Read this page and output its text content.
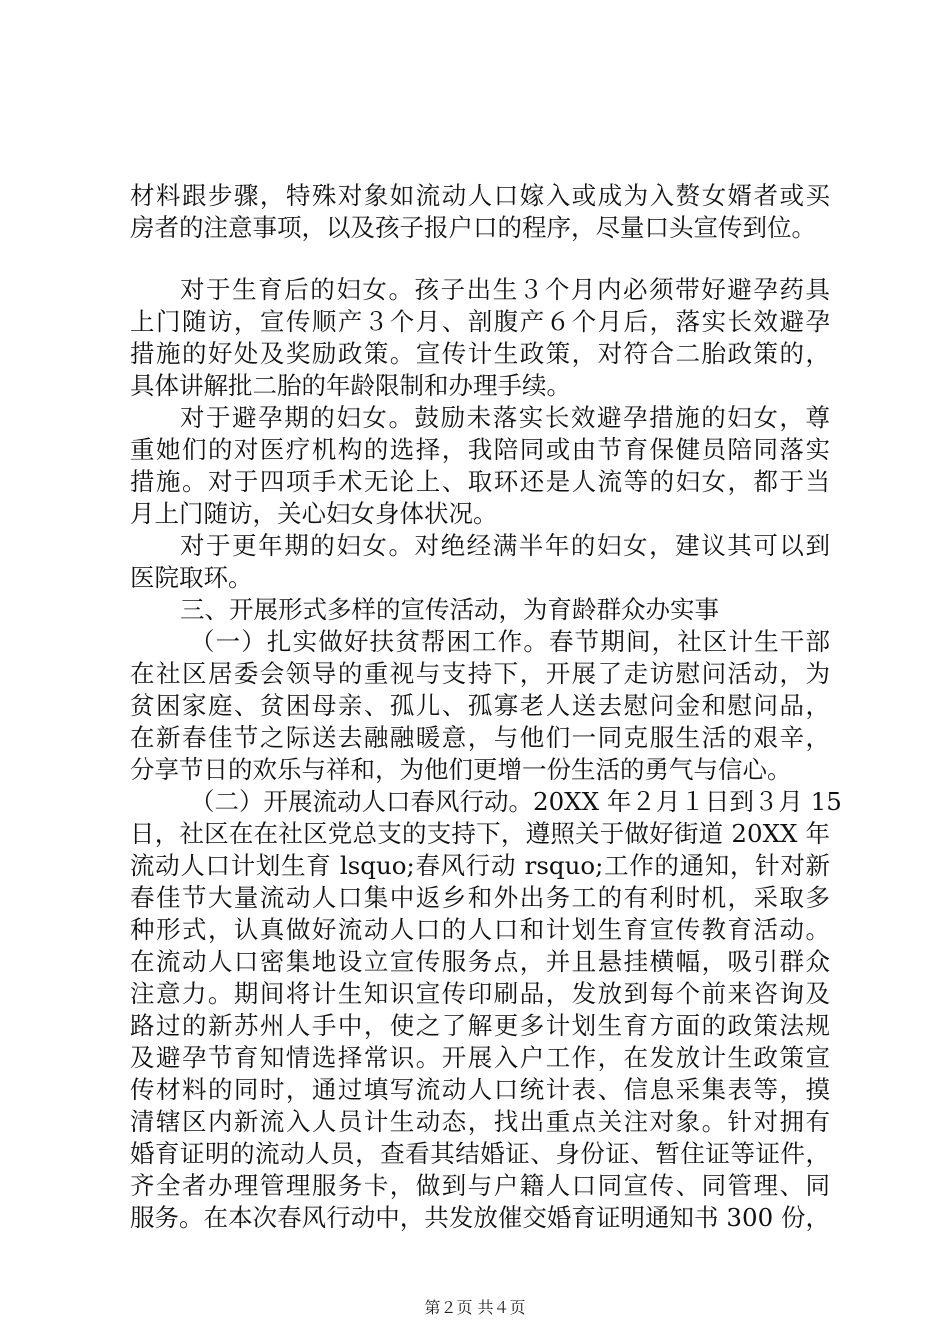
材料跟步骤，特殊对象如流动人口嫁入或成为入赘女婿者或买
房者的注意事项，以及孩子报户口的程序，尽量口头宣传到位。
对于生育后的妇女。孩子出生３个月内必须带好避孕药具
上门随访，宣传顺产３个月、剖腹产６个月后，落实长效避孕
措施的好处及奖励政策。宣传计生政策，对符合二胎政策的，
具体讲解批二胎的年龄限制和办理手续。
对于避孕期的妇女。鼓励未落实长效避孕措施的妇女，尊
重她们的对医疗机构的选择，我陪同或由节育保健员陪同落实
措施。对于四项手术无论上、取环还是人流等的妇女，都于当
月上门随访，关心妇女身体状况。
对于更年期的妇女。对绝经满半年的妇女，建议其可以到
医院取环。
三、开展形式多样的宣传活动，为育龄群众办实事
（一）扎实做好扶贫帮困工作。春节期间，社区计生干部
在社区居委会领导的重视与支持下，开展了走访慰问活动，为
贫困家庭、贫困母亲、孤儿、孤寡老人送去慰问金和慰问品，
在新春佳节之际送去融融暖意，与他们一同克服生活的艰辛，
分享节日的欢乐与祥和，为他们更增一份生活的勇气与信心。
（二）开展流动人口春风行动。20XX 年２月１日到３月 15
日，社区在在社区党总支的支持下，遵照关于做好街道 20XX 年
流动人口计划生育 lsquo;春风行动 rsquo;工作的通知，针对新
春佳节大量流动人口集中返乡和外出务工的有利时机，采取多
种形式，认真做好流动人口的人口和计划生育宣传教育活动。
在流动人口密集地设立宣传服务点，并且悬挂横幅，吸引群众
注意力。期间将计生知识宣传印刷品，发放到每个前来咨询及
路过的新苏州人手中，使之了解更多计划生育方面的政策法规
及避孕节育知情选择常识。开展入户工作，在发放计生政策宣
传材料的同时，通过填写流动人口统计表、信息采集表等，摸
清辖区内新流入人员计生动态，找出重点关注对象。针对拥有
婚育证明的流动人员，查看其结婚证、身份证、暂住证等证件，
齐全者办理管理服务卡，做到与户籍人口同宣传、同管理、同
服务。在本次春风行动中，共发放催交婚育证明通知书 300 份，
第２页 共４页
